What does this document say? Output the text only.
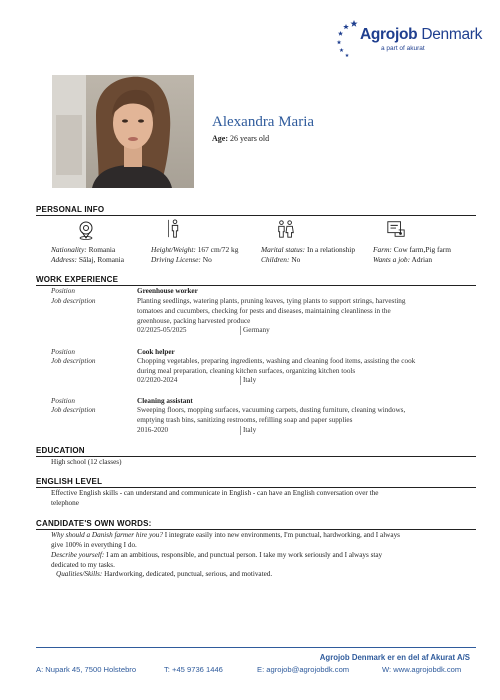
Agrojob Denmark
a part of akurat
Alexandra Maria
Age: 26 years old
PERSONAL INFO
Nationality: Romania
Address: Sălaj, Romania
Height/Weight: 167 cm/72 kg
Driving License: No
Marital status: In a relationship
Children: No
Farm: Cow farm,Pig farm
Wants a job: Adrian
WORK EXPERIENCE
Position	Greenhouse worker
Job description	Planting seedlings, watering plants, pruning leaves, tying plants to support strings, harvesting
tomatoes and cucumbers, checking for pests and diseases, maintaining cleanliness in the
greenhouse, packing harvested produce
02/2025-05/2025	Germany
Position	Cook helper
Job description	Chopping vegetables, preparing ingredients, washing and cleaning food items, assisting the cook
during meal preparation, cleaning kitchen surfaces, organizing kitchen tools
02/2020-2024	Italy
Position	Cleaning assistant
Job description	Sweeping floors, mopping surfaces, vacuuming carpets, dusting furniture, cleaning windows,
emptying trash bins, sanitizing restrooms, refilling soap and paper supplies
2016-2020	Italy
EDUCATION
High school (12 classes)
ENGLISH LEVEL
Effective English skills - can understand and communicate in English - can have an English conversation over the
telephone
CANDIDATE'S OWN WORDS:
Why should a Danish farmer hire you? I integrate easily into new environments, I'm punctual, hardworking, and I always
give 100% in everything I do.
Describe yourself: I am an ambitious, responsible, and punctual person. I take my work seriously and I always stay
dedicated to my tasks.
Qualities/Skills: Hardworking, dedicated, punctual, serious, and motivated.
Agrojob Denmark er en del af Akurat A/S
A: Nupark 45, 7500 Holstebro	T: +45 9736 1446	E: agrojob@agrojobdk.com	W: www.agrojobdk.com
